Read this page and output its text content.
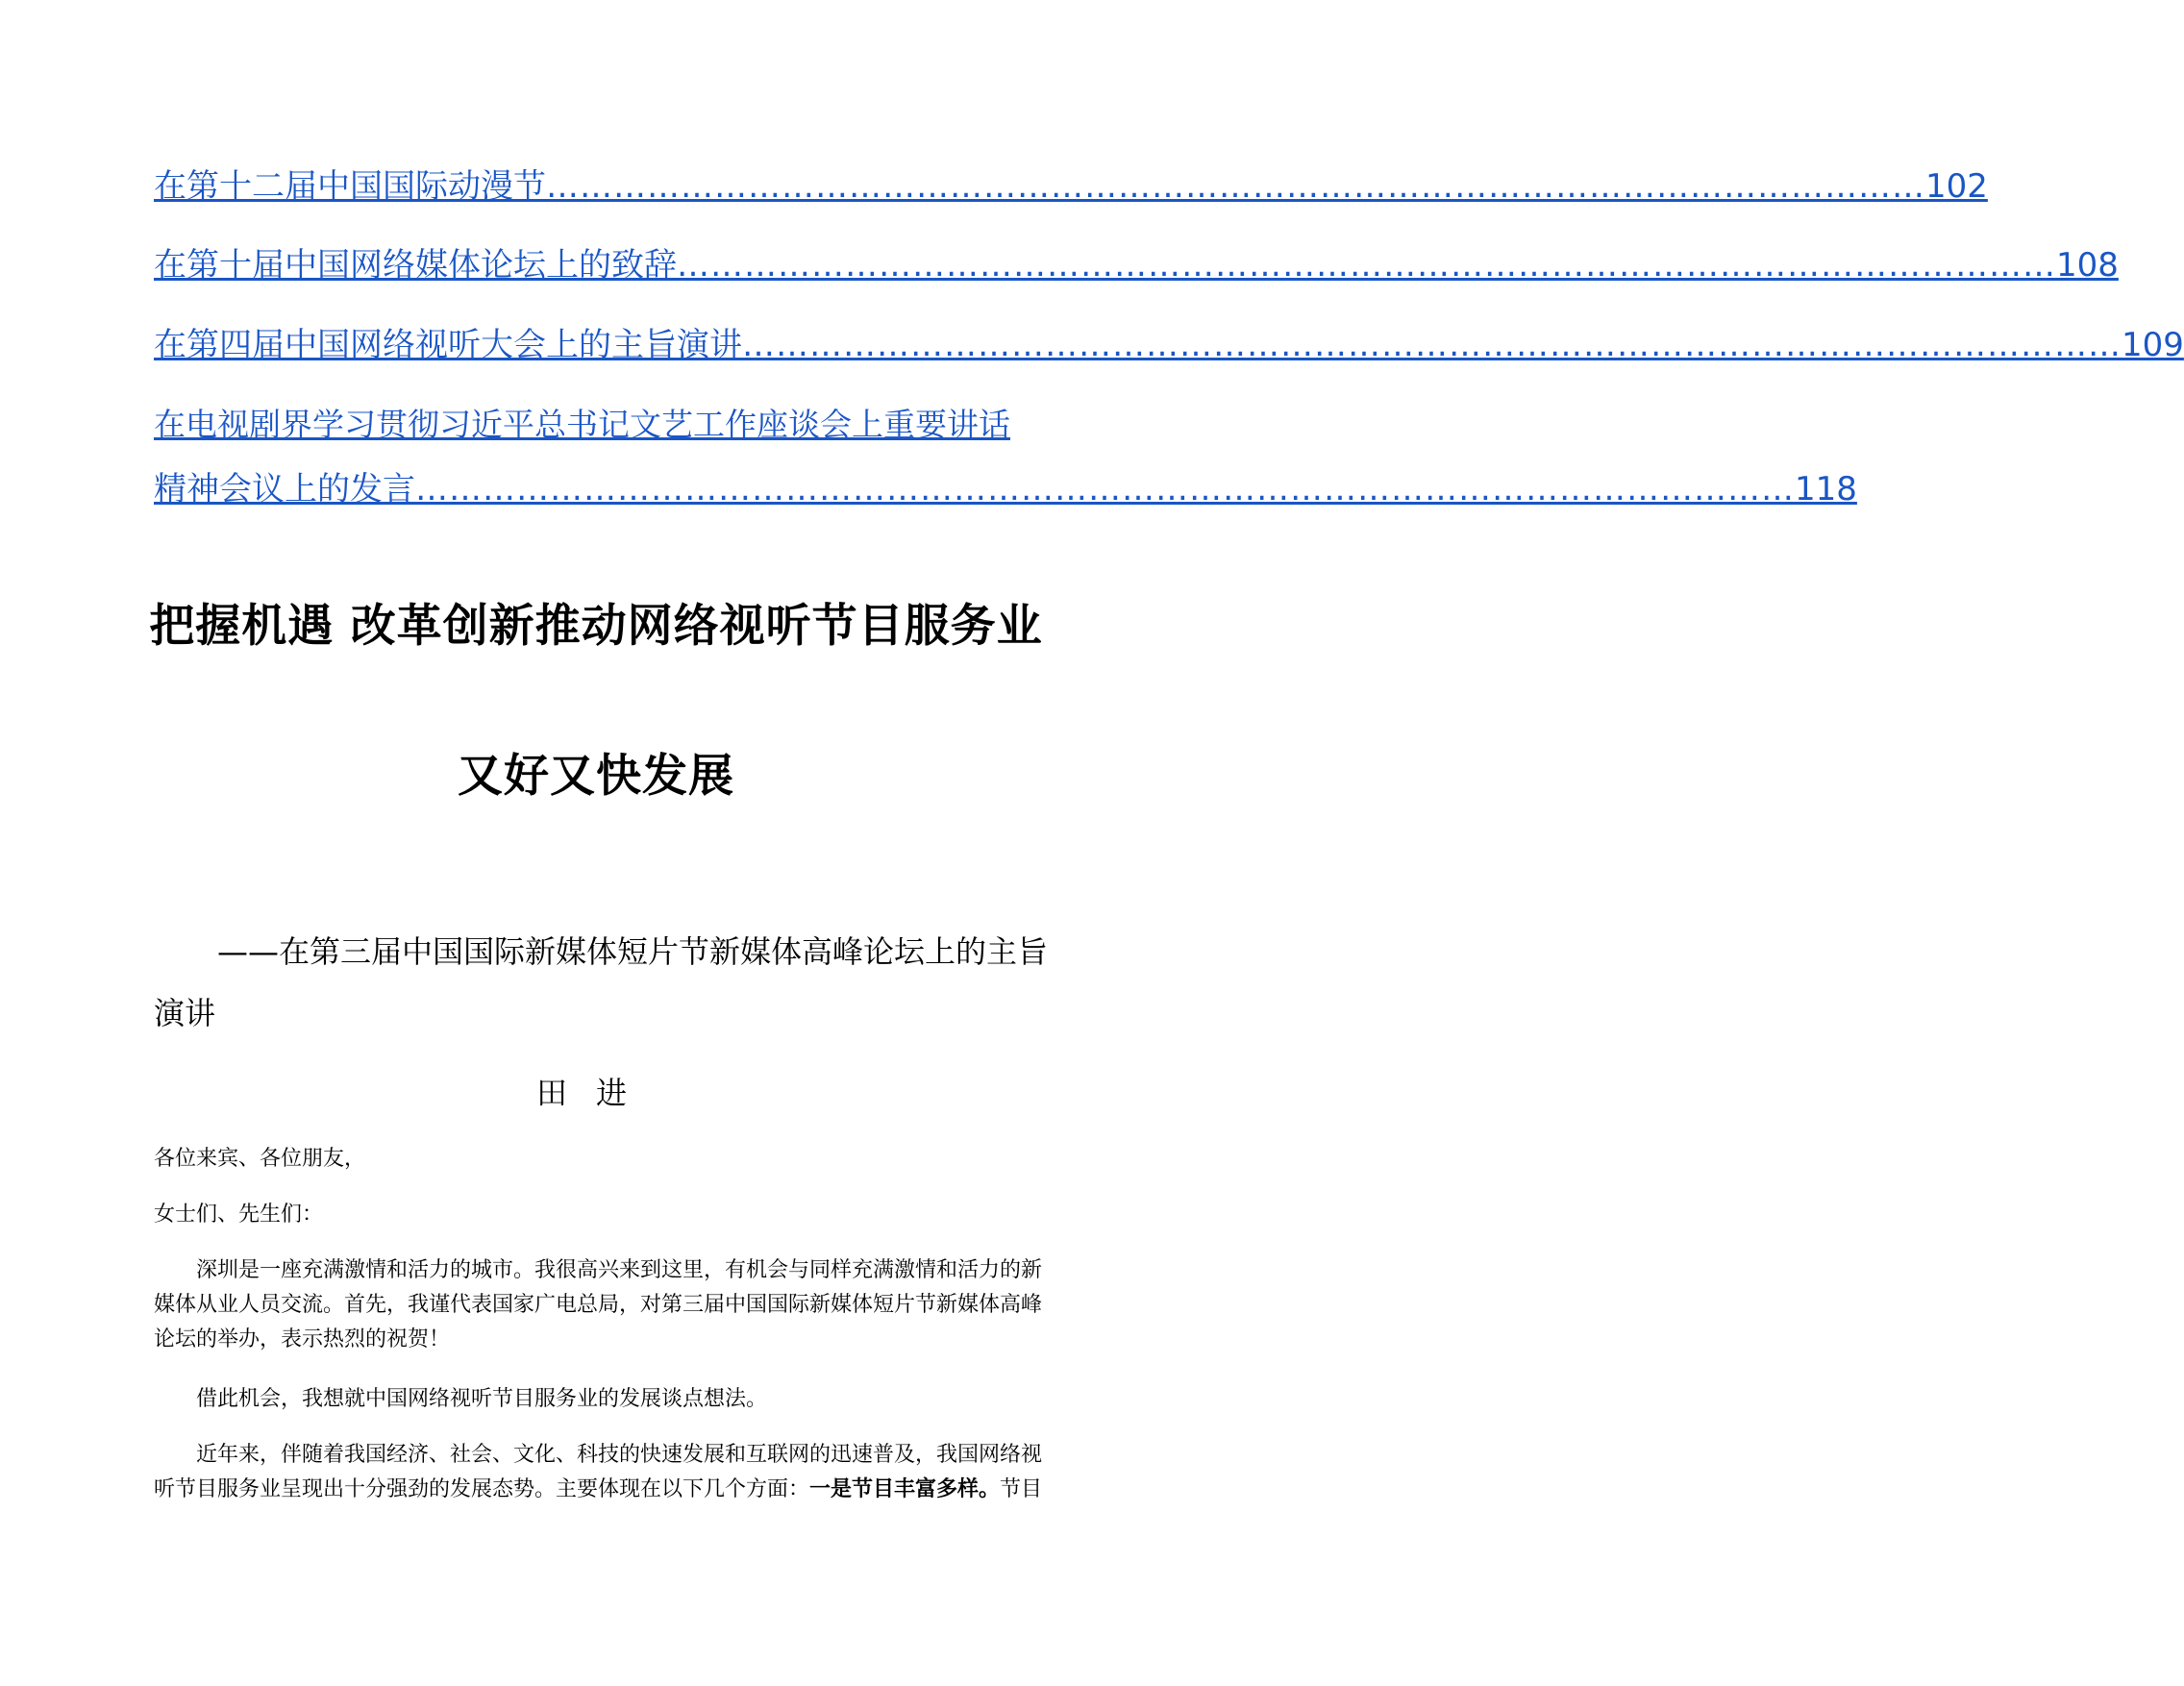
在第十二届中国国际动漫节 …………………………………………………………………………………………………………… 102
在第十届中国网络媒体论坛上的致辞 …………………………………………………………………………………………………………… 108
在第四届中国网络视听大会上的主旨演讲 …………………………………………………………………………………………………………… 109
在电视剧界学习贯彻习近平总书记文艺工作座谈会上重要讲话
精神会议上的发言 …………………………………………………………………………………………………………… 118
把握机遇 改革创新推动网络视听节目服务业
又好又快发展
——在第三届中国国际新媒体短片节新媒体高峰论坛上的主旨演讲
田进
各位来宾、各位朋友，
女士们、先生们：
深圳是一座充满激情和活力的城市。我很高兴来到这里，有机会与同样充满激情和活力的新媒体从业人员交流。首先，我谨代表国家广电总局，对第三届中国国际新媒体短片节新媒体高峰论坛的举办，表示热烈的祝贺！
借此机会，我想就中国网络视听节目服务业的发展谈点想法。
近年来，伴随着我国经济、社会、文化、科技的快速发展和互联网的迅速普及，我国网络视听节目服务业呈现出十分强劲的发展态势。主要体现在以下几个方面：一是节目丰富多样。节目
